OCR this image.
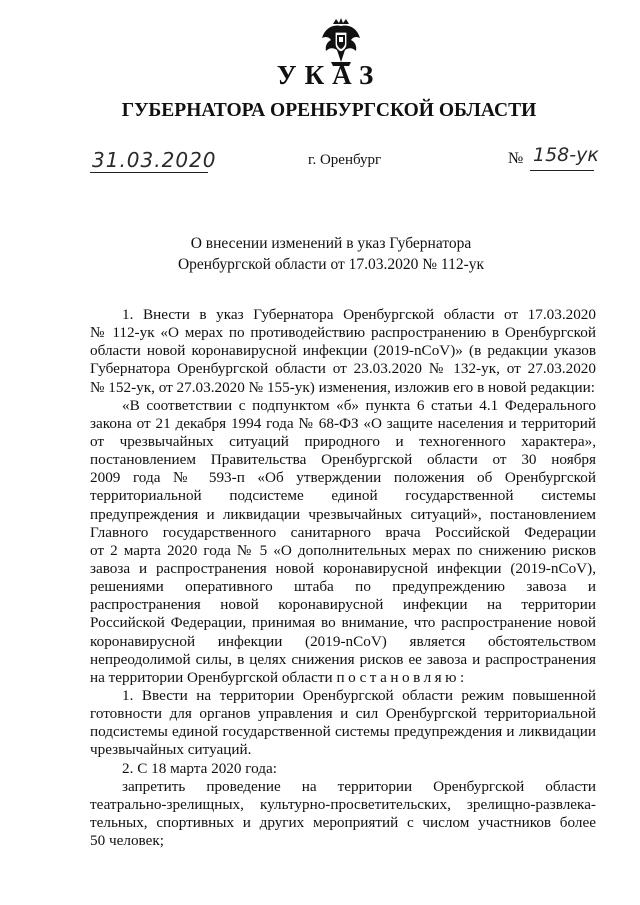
УКАЗ
ГУБЕРНАТОРА ОРЕНБУРГСКОЙ ОБЛАСТИ
31.03.2020	г. Оренбург	№ 158-ук
О внесении изменений в указ Губернатора
Оренбургской области от 17.03.2020 № 112-ук
1. Внести в указ Губернатора Оренбургской области от 17.03.2020
№ 112-ук «О мерах по противодействию распространению в Оренбургской
области новой коронавирусной инфекции (2019-nCoV)» (в редакции указов
Губернатора Оренбургской области от 23.03.2020 № 132-ук, от 27.03.2020
№ 152-ук, от 27.03.2020 № 155-ук) изменения, изложив его в новой редакции:
«В соответствии с подпунктом «б» пункта 6 статьи 4.1 Федерального
закона от 21 декабря 1994 года № 68-ФЗ «О защите населения и территорий
от чрезвычайных ситуаций природного и техногенного характера»,
постановлением Правительства Оренбургской области от 30 ноября
2009 года № 593-п «Об утверждении положения об Оренбургской
территориальной подсистеме единой государственной системы
предупреждения и ликвидации чрезвычайных ситуаций», постановлением
Главного государственного санитарного врача Российской Федерации
от 2 марта 2020 года № 5 «О дополнительных мерах по снижению рисков
завоза и распространения новой коронавирусной инфекции (2019-nCoV),
решениями оперативного штаба по предупреждению завоза и
распространения новой коронавирусной инфекции на территории
Российской Федерации, принимая во внимание, что распространение новой
коронавирусной инфекции (2019-nCoV) является обстоятельством
непреодолимой силы, в целях снижения рисков ее завоза и распространения
на территории Оренбургской области постановляю:
1. Ввести на территории Оренбургской области режим повышенной
готовности для органов управления и сил Оренбургской территориальной
подсистемы единой государственной системы предупреждения и ликвидации
чрезвычайных ситуаций.
2. С 18 марта 2020 года:
запретить проведение на территории Оренбургской области
театрально-зрелищных, культурно-просветительских, зрелищно-развлека-
тельных, спортивных и других мероприятий с числом участников более
50 человек;
